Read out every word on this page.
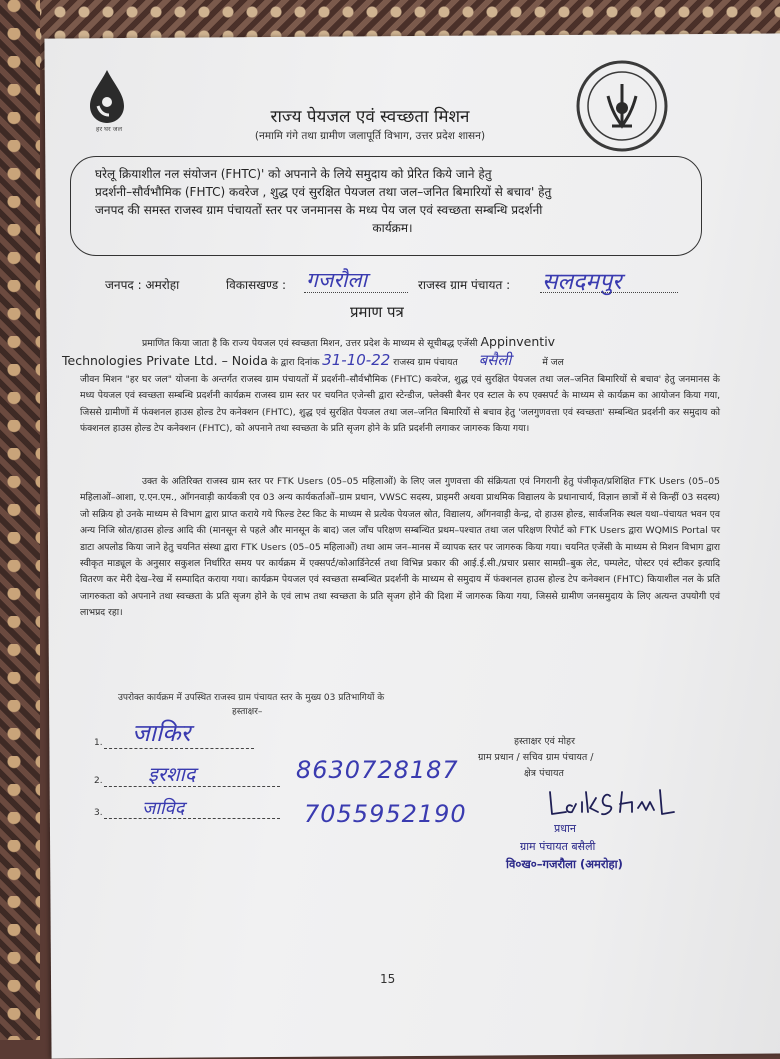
हर घर जल
राज्य पेयजल एवं स्वच्छता मिशन
(नमामि गंगे तथा ग्रामीण जलापूर्ति विभाग, उत्तर प्रदेश शासन)
घरेलू क्रियाशील नल संयोजन (FHTC)' को अपनाने के लिये समुदाय को प्रेरित किये जाने हेतु
प्रदर्शनी–सौर्वभौमिक (FHTC) कवरेज , शुद्ध एवं सुरक्षित पेयजल तथा जल–जनित बिमारियों से बचाव' हेतु
जनपद की समस्त राजस्व ग्राम पंचायतों स्तर पर जनमानस के मध्य पेय जल एवं स्वच्छता सम्बन्धि प्रदर्शनी

कार्यक्रम।
जनपद : अमरोहा	विकासखण्ड : गजरौला	राजस्व ग्राम पंचायत : सलदमपुर
प्रमाण पत्र
प्रमाणित किया जाता है कि राज्य पेयजल एवं स्वच्छता मिशन, उत्तर प्रदेश के माध्यम से सूचीबद्ध एजेंसी Appinventiv
Technologies Private Ltd. – Noida के द्वारा दिनांक 31-10-22 राजस्व ग्राम पंचायत बसैली	में जल
जीवन मिशन "हर घर जल" योजना के अन्तर्गत राजस्व ग्राम पंचायतों में प्रदर्शनी–सौर्वभौमिक (FHTC) कवरेज, शुद्ध एवं सुरक्षित पेयजल तथा जल–जनित बिमारियों से बचाव' हेतु जनमानस के मध्य पेयजल एवं स्वच्छता सम्बन्धि प्रदर्शनी कार्यक्रम राजस्व ग्राम स्तर पर चयनित एजेन्सी द्वारा स्टेन्डीज, फ्लेक्सी बैनर एव स्टाल के रुप एक्सपर्ट के माध्यम से कार्यक्रम का आयोजन किया गया, जिससे ग्रामीणों में फंक्शनल हाउस होल्ड टेप कनेक्शन (FHTC), शुद्ध एवं सुरक्षित पेयजल तथा जल–जनित बिमारियों से बचाव हेतु 'जलगुणवत्ता एवं स्वच्छता' सम्बन्धित प्रदर्शनी कर समुदाय को फंक्शनल हाउस होल्ड टेप कनेक्शन (FHTC), को अपनाने तथा स्वच्छता के प्रति सृजग होने के प्रति प्रदर्शनी लगाकर जागरुक किया गया।
उक्त के अतिरिक्त राजस्व ग्राम स्तर पर FTK Users (05–05 महिलाओं) के लिए जल गुणवत्ता की संक्रियता एवं निगरानी हेतु पंजीकृत/प्रशिक्षित FTK Users (05–05 महिलाओं–आशा, ए.एन.एम., आँगनवाड़ी कार्यकत्री एव 03 अन्य कार्यकर्ताओं–ग्राम प्रधान, VWSC सदस्य, प्राइमरी अथवा प्राथमिक विद्यालय के प्रधानाचार्य, विज्ञान छात्रों में से किन्हीं 03 सदस्य) जो सक्रिय हो उनके माध्यम से विभाग द्वारा प्राप्त कराये गये फिल्ड टेस्ट किट के माध्यम से प्रत्येक पेयजल स्रोत, विद्यालय, आँगनवाड़ी केन्द्र, दो हाउस होल्ड, सार्वजनिक स्थल यथा–पंचायत भवन एव अन्य निजि स्रोत/हाउस होल्ड आदि की (मानसून से पहले और मानसून के बाद) जल जाँच परिक्षण सम्बन्धित प्रथम–पश्चात तथा जल परिक्षण रिपोर्ट को FTK Users द्वारा WQMIS Portal पर डाटा अपलोड किया जाने हेतु चयनित संस्था द्वारा FTK Users (05–05 महिलाओं) तथा आम जन–मानस में व्यापक स्तर पर जागरुक किया गया। चयनित एजेंसी के माध्यम से मिशन विभाग द्वारा स्वीकृत माड्यूल के अनुसार सकुशल निर्धारित समय पर कार्यक्रम में एक्सपर्ट/कोआर्डिनेटर्स तथा विभिन्न प्रकार की आई.ई.सी./प्रचार प्रसार सामग्री–बुक लेट, पम्पलेट, पोस्टर एवं स्टीकर इत्यादि वितरण कर मेरी देख–रेख में सम्पादित कराया गया। कार्यक्रम पेयजल एवं स्वच्छता सम्बन्धित प्रदर्शनी के माध्यम से समुदाय में फंक्शनल हाउस होल्ड टेप कनेक्शन (FHTC) कियाशील नल के प्रति जागरुकता को अपनाने तथा स्वच्छता के प्रति सृजग होने के एवं लाभ तथा स्वच्छता के प्रति सृजग होने की दिशा में जागरुक किया गया, जिससे ग्रामीण जनसमुदाय के लिए अत्यन्त उपयोगी एवं लाभप्रद रहा।
उपरोक्त कार्यक्रम में उपस्थित राजस्व ग्राम पंचायत स्तर के मुख्य 03 प्रतिभागियों के
हस्ताक्षर–
1. जाकिर
2. इरशाद	8630728187
3. जाविद	7055952190
हस्ताक्षर एवं मोहर
ग्राम प्रधान / सचिव ग्राम पंचायत /
क्षेत्र पंचायत
प्रधान
ग्राम पंचायत बसैली
वि०ख०–गजरौला (अमरोहा)
15
